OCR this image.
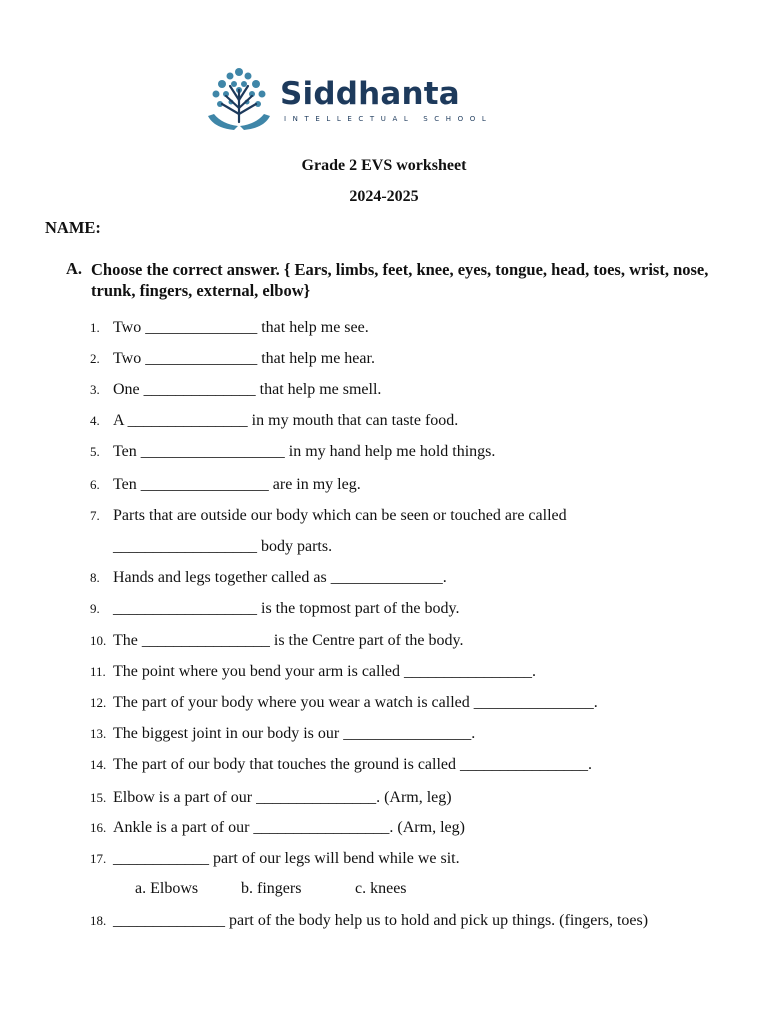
Siddhanta
INTELLECTUAL SCHOOL
Grade 2 EVS worksheet
2024-2025
NAME:
A. Choose the correct answer. { Ears, limbs, feet, knee, eyes, tongue, head, toes, wrist, nose, trunk, fingers, external, elbow}
1. Two ______________ that help me see.
2. Two ______________ that help me hear.
3. One ______________ that help me smell.
4. A _______________ in my mouth that can taste food.
5. Ten __________________ in my hand help me hold things.
6. Ten ________________ are in my leg.
7. Parts that are outside our body which can be seen or touched are called
__________________ body parts.
8. Hands and legs together called as ______________.
9. __________________ is the topmost part of the body.
10. The ________________ is the Centre part of the body.
11. The point where you bend your arm is called ________________.
12. The part of your body where you wear a watch is called _______________.
13. The biggest joint in our body is our ________________.
14. The part of our body that touches the ground is called ________________.
15. Elbow is a part of our _______________. (Arm, leg)
16. Ankle is a part of our _________________. (Arm, leg)
17. ____________ part of our legs will bend while we sit.
a. Elbows	b. fingers	c. knees
18. ______________ part of the body help us to hold and pick up things. (fingers, toes)
